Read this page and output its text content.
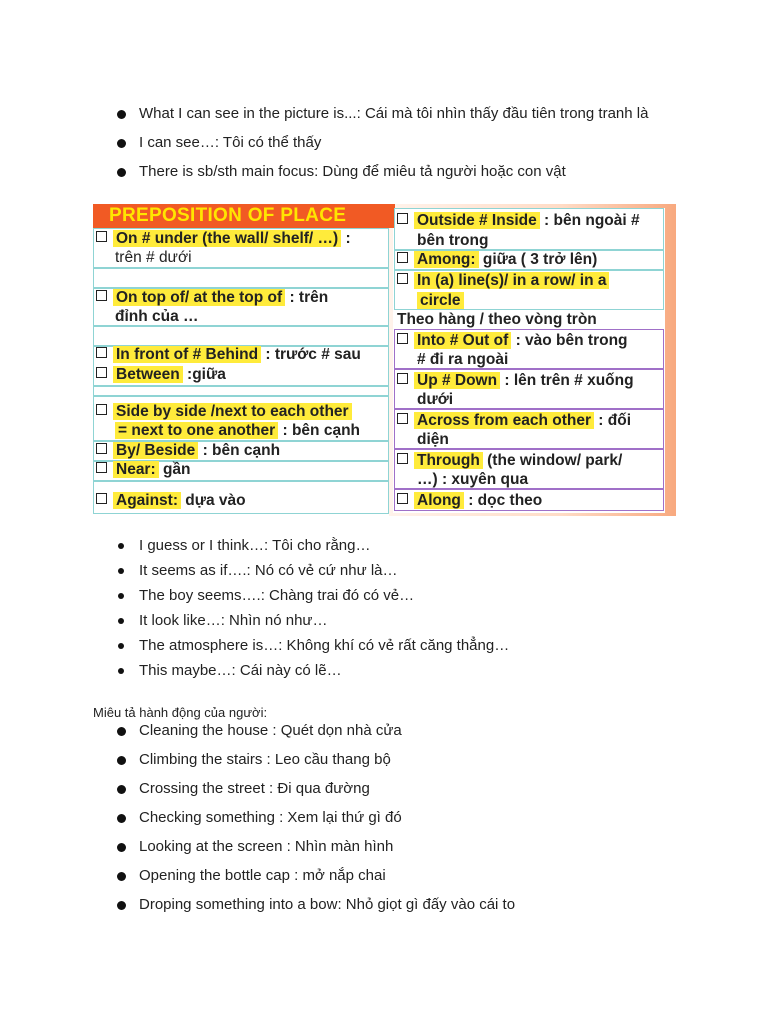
What I can see in the picture is...: Cái mà tôi nhìn thấy đầu tiên trong tranh là
I can see…: Tôi có thể thấy
There is sb/sth main focus: Dùng để miêu tả người hoặc con vật
PREPOSITION OF PLACE
On # under (the wall/ shelf/ …) :
trên # dưới
On top of/ at the top of : trên
đỉnh của …
In front of # Behind : trước # sau
Between :giữa
Side by side /next to each other
= next to one another : bên cạnh
By/ Beside : bên cạnh
Near: gần
Against: dựa vào
Outside # Inside : bên ngoài #
bên trong
Among: giữa ( 3 trở lên)
In (a) line(s)/ in a row/ in a
circle
Theo hàng / theo vòng tròn
Into # Out of : vào bên trong
# đi ra ngoài
Up # Down : lên trên # xuống
dưới
Across from each other : đối
diện
Through (the window/ park/
…) : xuyên qua
Along : dọc theo
I guess or I think…: Tôi cho rằng…
It seems as if….: Nó có vẻ cứ như là…
The boy seems….: Chàng trai đó có vẻ…
It look like…: Nhìn nó như…
The atmosphere is…: Không khí có vẻ rất căng thẳng…
This maybe…: Cái này có lẽ…
Miêu tả hành động của người:
Cleaning the house : Quét dọn nhà cửa
Climbing the stairs : Leo cầu thang bộ
Crossing the street : Đi qua đường
Checking something : Xem lại thứ gì đó
Looking at the screen : Nhìn màn hình
Opening the bottle cap : mở nắp chai
Droping something into a bow: Nhỏ giọt gì đấy vào cái to
